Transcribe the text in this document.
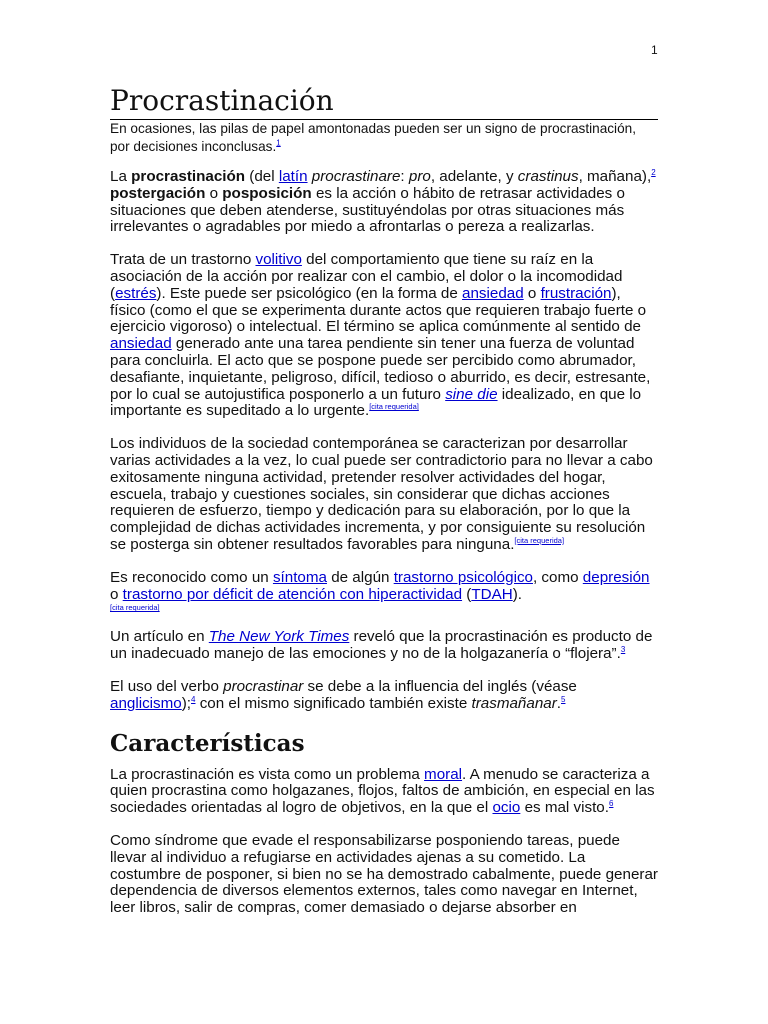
1
Procrastinación
En ocasiones, las pilas de papel amontonadas pueden ser un signo de procrastinación, por decisiones inconclusas.$^1$

La procrastinación (del latín procrastinare: pro, adelante, y crastinus, mañana),$^2$ postergación o posposición es la acción o hábito de retrasar actividades o situaciones que deben atenderse, sustituyéndolas por otras situaciones más irrelevantes o agradables por miedo a afrontarlas o pereza a realizarlas.

Trata de un trastorno volitivo del comportamiento que tiene su raíz en la asociación de la acción por realizar con el cambio, el dolor o la incomodidad (estrés). Este puede ser psicológico (en la forma de ansiedad o frustración), físico (como el que se experimenta durante actos que requieren trabajo fuerte o ejercicio vigoroso) o intelectual. El término se aplica comúnmente al sentido de ansiedad generado ante una tarea pendiente sin tener una fuerza de voluntad para concluirla. El acto que se pospone puede ser percibido como abrumador, desafiante, inquietante, peligroso, difícil, tedioso o aburrido, es decir, estresante, por lo cual se autojustifica posponerlo a un futuro sine die idealizado, en que lo importante es supeditado a lo urgente.[cita requerida]

Los individuos de la sociedad contemporánea se caracterizan por desarrollar varias actividades a la vez, lo cual puede ser contradictorio para no llevar a cabo exitosamente ninguna actividad, pretender resolver actividades del hogar, escuela, trabajo y cuestiones sociales, sin considerar que dichas acciones requieren de esfuerzo, tiempo y dedicación para su elaboración, por lo que la complejidad de dichas actividades incrementa, y por consiguiente su resolución se posterga sin obtener resultados favorables para ninguna.[cita requerida]

Es reconocido como un síntoma de algún trastorno psicológico, como depresión o trastorno por déficit de atención con hiperactividad (TDAH).

[cita requerida]

Un artículo en The New York Times reveló que la procrastinación es producto de un inadecuado manejo de las emociones y no de la holgazanería o “flojera”.$^3$

El uso del verbo procrastinar se debe a la influencia del inglés (véase anglicismo);$^4$ con el mismo significado también existe trasmañanar.$^5$

Características

La procrastinación es vista como un problema moral. A menudo se caracteriza a quien procrastina como holgazanes, flojos, faltos de ambición, en especial en las sociedades orientadas al logro de objetivos, en la que el ocio es mal visto.$^6$

Como síndrome que evade el responsabilizarse posponiendo tareas, puede llevar al individuo a refugiarse en actividades ajenas a su cometido. La costumbre de posponer, si bien no se ha demostrado cabalmente, puede generar dependencia de diversos elementos externos, tales como navegar en Internet, leer libros, salir de compras, comer demasiado o dejarse absorber en
